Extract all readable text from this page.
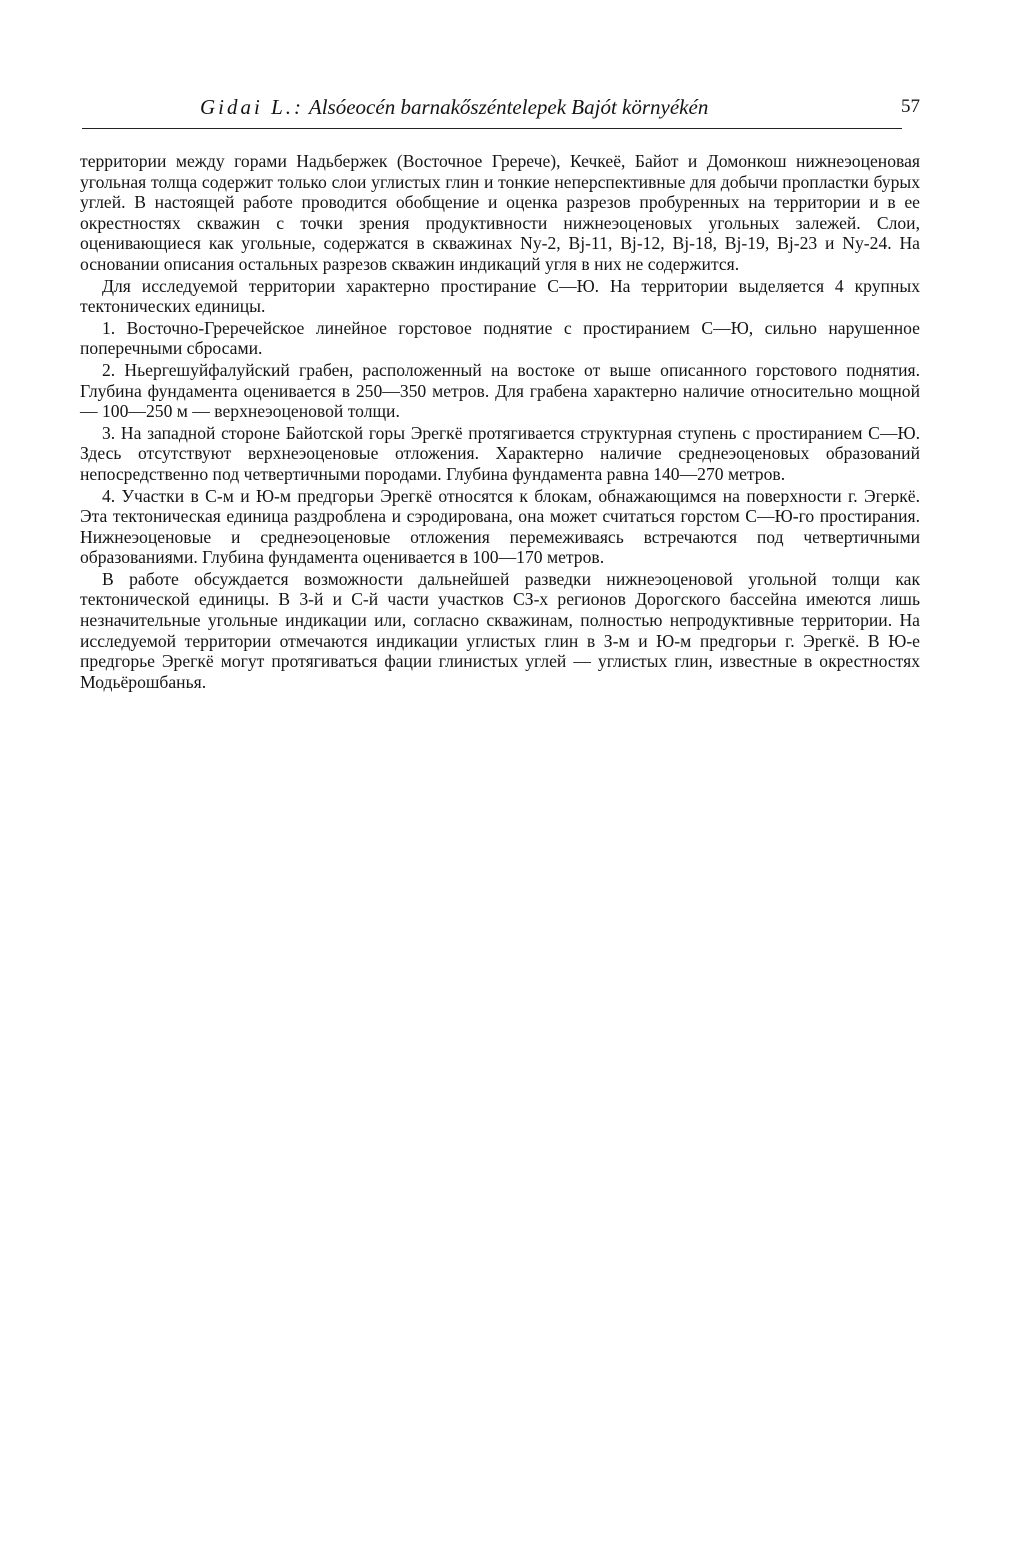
Gidai L.: Alsóeocén barnakőszéntelepek Bajót környékén	57

территории между горами Надьбержек (Восточное Гререче), Кечкеё, Байот и Домонкош нижнеэоценовая угольная толща содержит только слои углистых глин и тонкие неперспективные для добычи пропластки бурых углей. В настоящей работе проводится обобщение и оценка разрезов пробуренных на территории и в ее окрестностях скважин с точки зрения продуктивности нижнеэоценовых угольных залежей. Слои, оценивающиеся как угольные, содержатся в скважинах Ny-2, Bj-11, Bj-12, Bj-18, Bj-19, Bj-23 и Ny-24. На основании описания остальных разрезов скважин индикаций угля в них не содержится.

Для исследуемой территории характерно простирание С—Ю. На территории выделяется 4 крупных тектонических единицы.

1. Восточно-Греречейское линейное горстовое поднятие с простиранием С—Ю, сильно нарушенное поперечными сбросами.

2. Ньергешуйфалуйский грабен, расположенный на востоке от выше описанного горстового поднятия. Глубина фундамента оценивается в 250—350 метров. Для грабена характерно наличие относительно мощной — 100—250 м — верхнеэоценовой толщи.

3. На западной стороне Байотской горы Эрегкё протягивается структурная ступень с простиранием С—Ю. Здесь отсутствуют верхнеэоценовые отложения. Характерно наличие среднеэоценовых образований непосредственно под четвертичными породами. Глубина фундамента равна 140—270 метров.

4. Участки в С-м и Ю-м предгорьи Эрегкё относятся к блокам, обнажающимся на поверхности г. Эгеркё. Эта тектоническая единица раздроблена и сэродирована, она может считаться горстом С—Ю-го простирания. Нижнеэоценовые и среднеэоценовые отложения перемеживаясь встречаются под четвертичными образованиями. Глубина фундамента оценивается в 100—170 метров.

В работе обсуждается возможности дальнейшей разведки нижнеэоценовой угольной толщи как тектонической единицы. В 3-й и С-й части участков СЗ-х регионов Дорогского бассейна имеются лишь незначительные угольные индикации или, согласно скважинам, полностью непродуктивные территории. На исследуемой территории отмечаются индикации углистых глин в З-м и Ю-м предгорьи г. Эрегкё. В Ю-е предгорье Эрегкё могут протягиваться фации глинистых углей — углистых глин, известные в окрестностях Модьёрошбанья.
